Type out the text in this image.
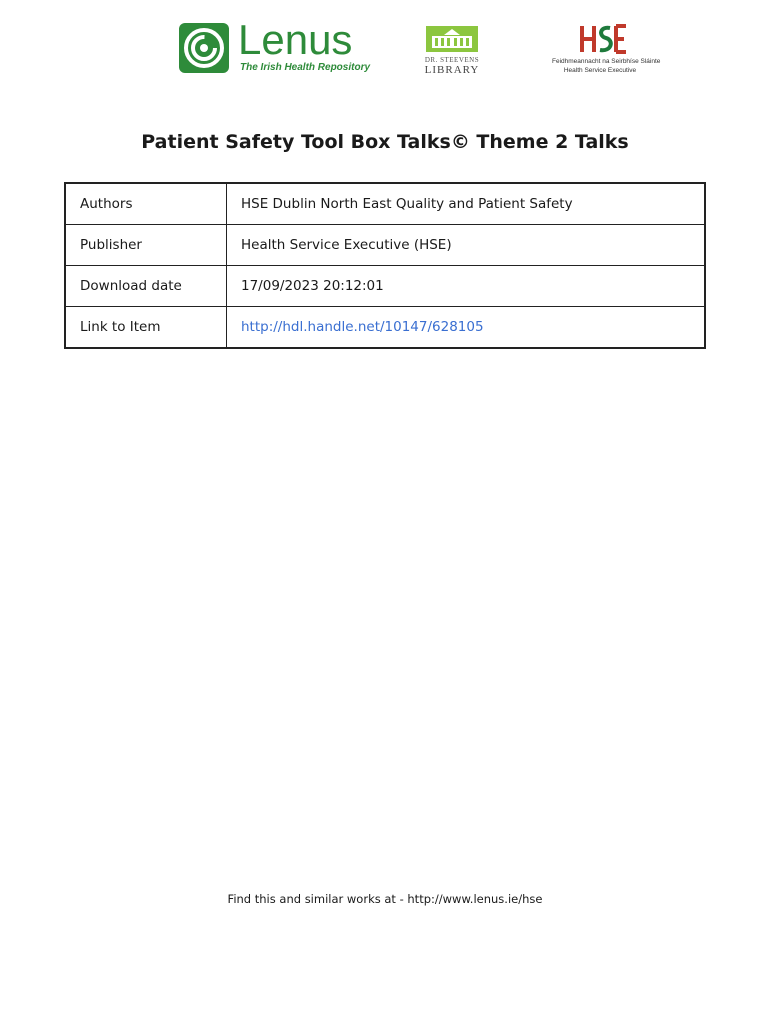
Lenus
The Irish Health Repository
DR. STEEVENS
LIBRARY
Feidhmeannacht na Seirbhíse Sláinte
Health Service Executive
Patient Safety Tool Box Talks© Theme 2 Talks
Authors	HSE Dublin North East Quality and Patient Safety
Publisher	Health Service Executive (HSE)
Download date	17/09/2023 20:12:01
Link to Item	http://hdl.handle.net/10147/628105
Find this and similar works at - http://www.lenus.ie/hse
